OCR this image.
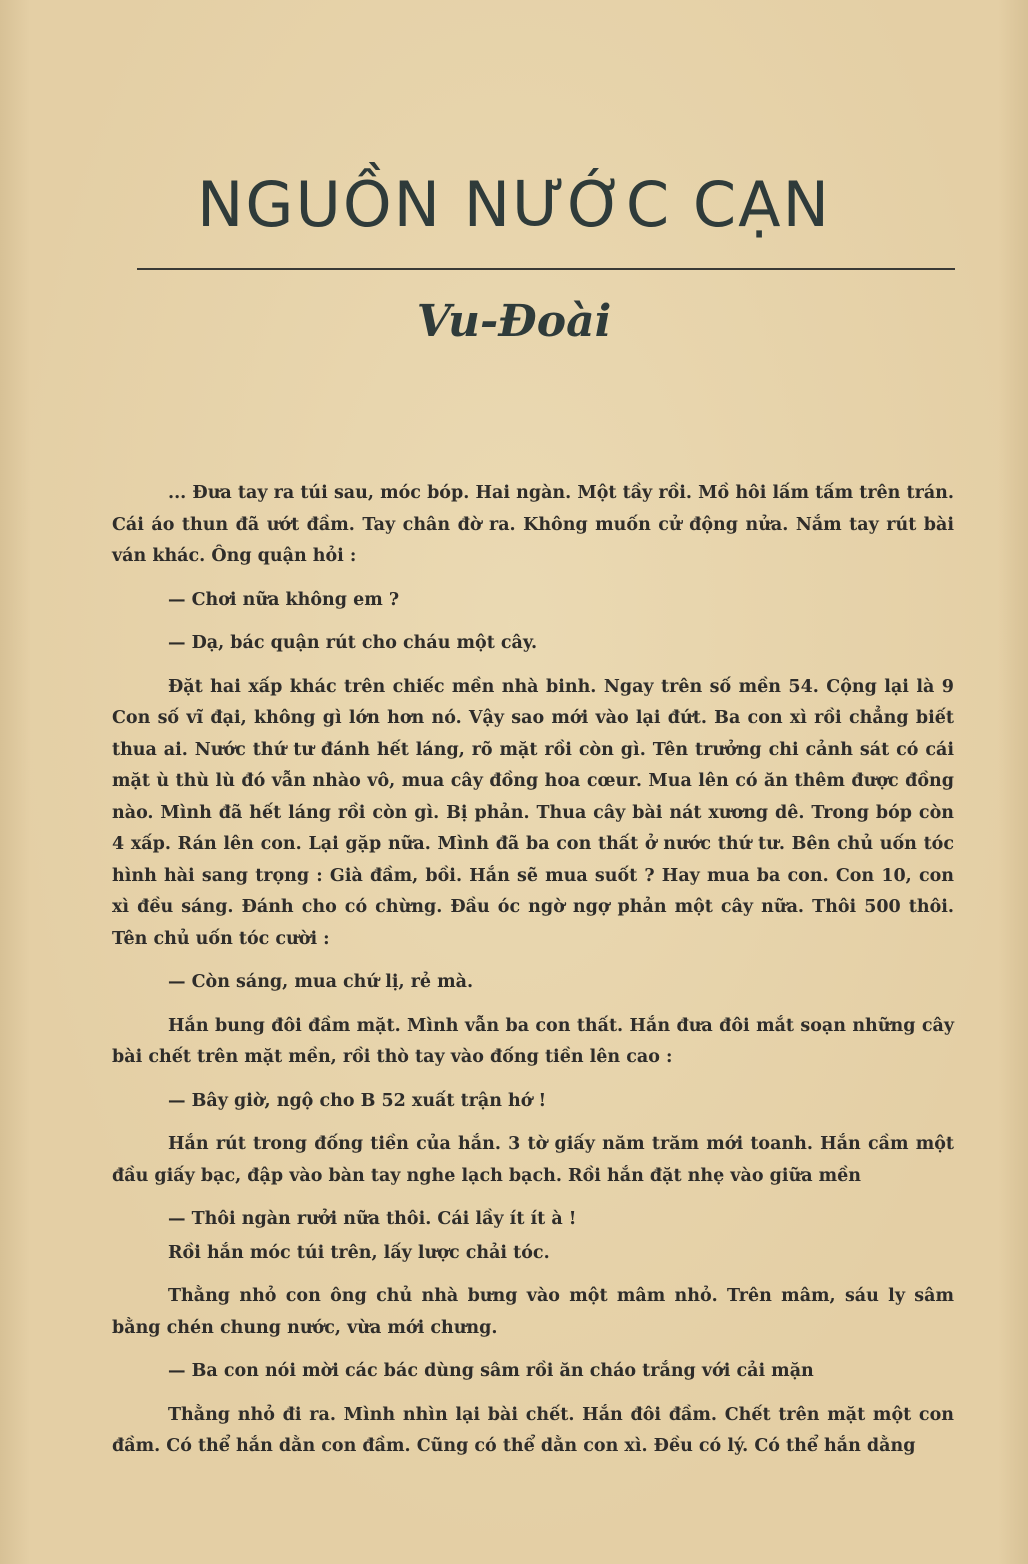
NGUỒN NƯỚC CẠN
Vu-Đoài

... Đưa tay ra túi sau, móc bóp. Hai ngàn. Một tầy rồi. Mồ hôi lấm tấm trên trán. Cái áo thun đã ướt đầm. Tay chân đờ ra. Không muốn cử động nửa. Nắm tay rút bài ván khác. Ông quận hỏi :

— Chơi nữa không em ?

— Dạ, bác quận rút cho cháu một cây.

Đặt hai xấp khác trên chiếc mền nhà binh. Ngay trên số mền 54. Cộng lại là 9 Con số vĩ đại, không gì lớn hơn nó. Vậy sao mới vào lại đứt. Ba con xì rồi chẳng biết thua ai. Nước thứ tư đánh hết láng, rõ mặt rồi còn gì. Tên trưởng chi cảnh sát có cái mặt ù thù lù đó vẫn nhào vô, mua cây đồng hoa cœur. Mua lên có ăn thêm được đồng nào. Mình đã hết láng rồi còn gì. Bị phản. Thua cây bài nát xương dê. Trong bóp còn 4 xấp. Rán lên con. Lại gặp nữa. Mình đã ba con thất ở nước thứ tư. Bên chủ uốn tóc hình hài sang trọng : Già đầm, bồi. Hắn sẽ mua suốt ? Hay mua ba con. Con 10, con xì đều sáng. Đánh cho có chừng. Đầu óc ngờ ngợ phản một cây nữa. Thôi 500 thôi. Tên chủ uốn tóc cười :

— Còn sáng, mua chứ lị, rẻ mà.

Hắn bung đôi đầm mặt. Mình vẫn ba con thất. Hắn đưa đôi mắt soạn những cây bài chết trên mặt mền, rồi thò tay vào đống tiền lên cao :

— Bây giờ, ngộ cho B 52 xuất trận hớ !

Hắn rút trong đống tiền của hắn. 3 tờ giấy năm trăm mới toanh. Hắn cầm một đầu giấy bạc, đập vào bàn tay nghe lạch bạch. Rồi hắn đặt nhẹ vào giữa mền

— Thôi ngàn rưởi nữa thôi. Cái lầy ít ít à !

Rồi hắn móc túi trên, lấy lược chải tóc.

Thằng nhỏ con ông chủ nhà bưng vào một mâm nhỏ. Trên mâm, sáu ly sâm bằng chén chung nước, vừa mới chưng.

— Ba con nói mời các bác dùng sâm rồi ăn cháo trắng với cải mặn

Thằng nhỏ đi ra. Mình nhìn lại bài chết. Hắn đôi đầm. Chết trên mặt một con đầm. Có thể hắn dằn con đầm. Cũng có thể dằn con xì. Đều có lý. Có thể hắn dằng
